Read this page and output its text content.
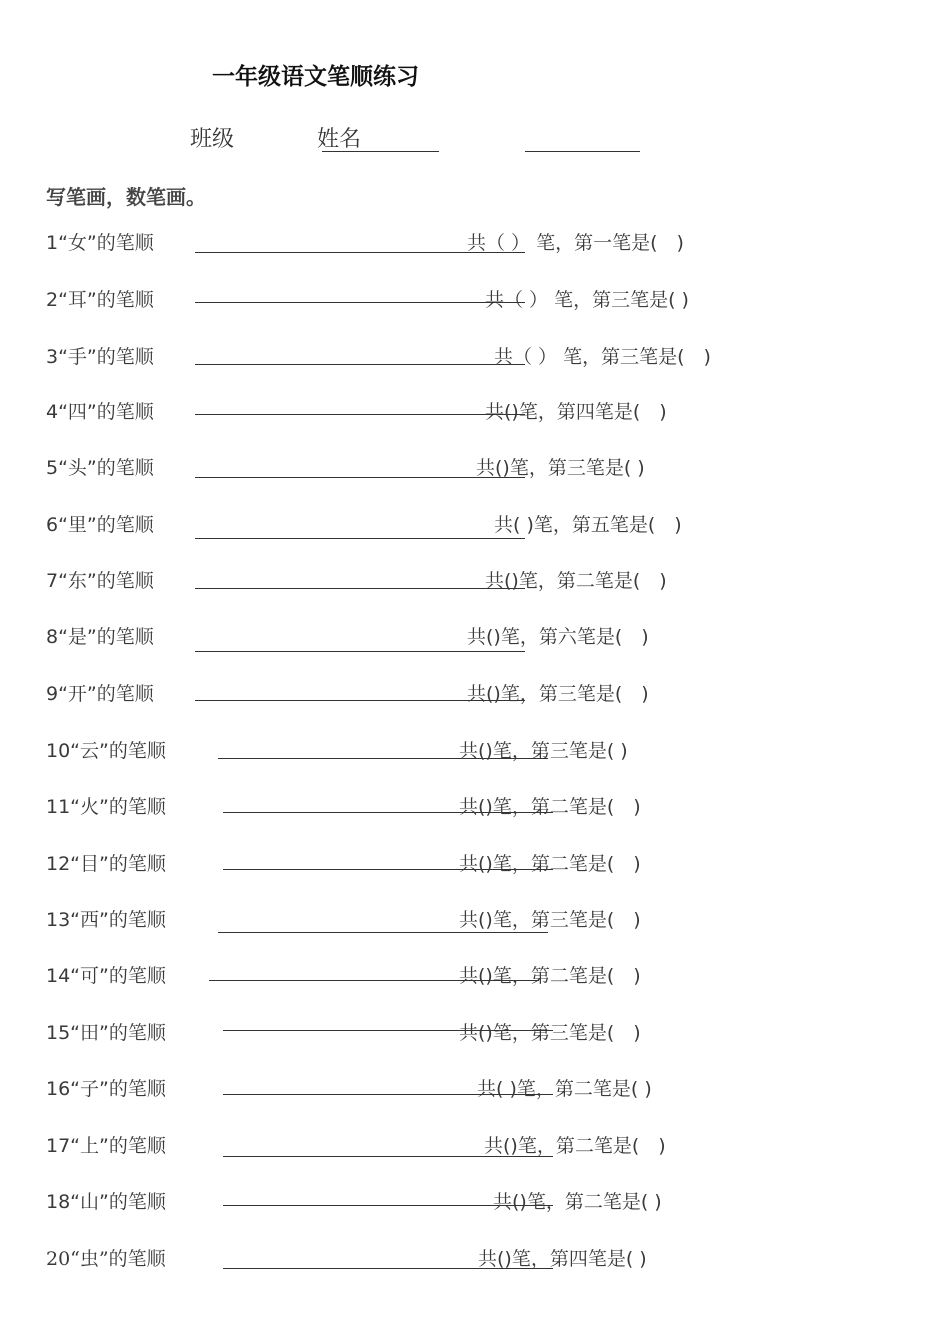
一年级语文笔顺练习
班级	姓名
写笔画，数笔画。
1“女”的笔顺	共（ ） 笔，第一笔是(　)
2“耳”的笔顺	共（ ） 笔，第三笔是( )
3“手”的笔顺	共（ ） 笔，第三笔是(　)
4“四”的笔顺	共()笔，第四笔是(　)
5“头”的笔顺	共()笔，第三笔是( )
6“里”的笔顺	共( )笔，第五笔是(　)
7“东”的笔顺	共()笔，第二笔是(　)
8“是”的笔顺	共()笔，第六笔是(　)
9“开”的笔顺	共()笔，第三笔是(　)
10“云”的笔顺	共()笔，第三笔是( )
11“火”的笔顺	共()笔，第二笔是(　)
12“目”的笔顺	共()笔，第二笔是(　)
13“西”的笔顺	共()笔，第三笔是(　)
14“可”的笔顺	共()笔，第二笔是(　)
15“田”的笔顺	共()笔，第三笔是(　)
16“子”的笔顺	共( )笔，第二笔是( )
17“上”的笔顺	共()笔，第二笔是(　)
18“山”的笔顺	共()笔，第二笔是( )
20“虫”的笔顺	共()笔，第四笔是( )
